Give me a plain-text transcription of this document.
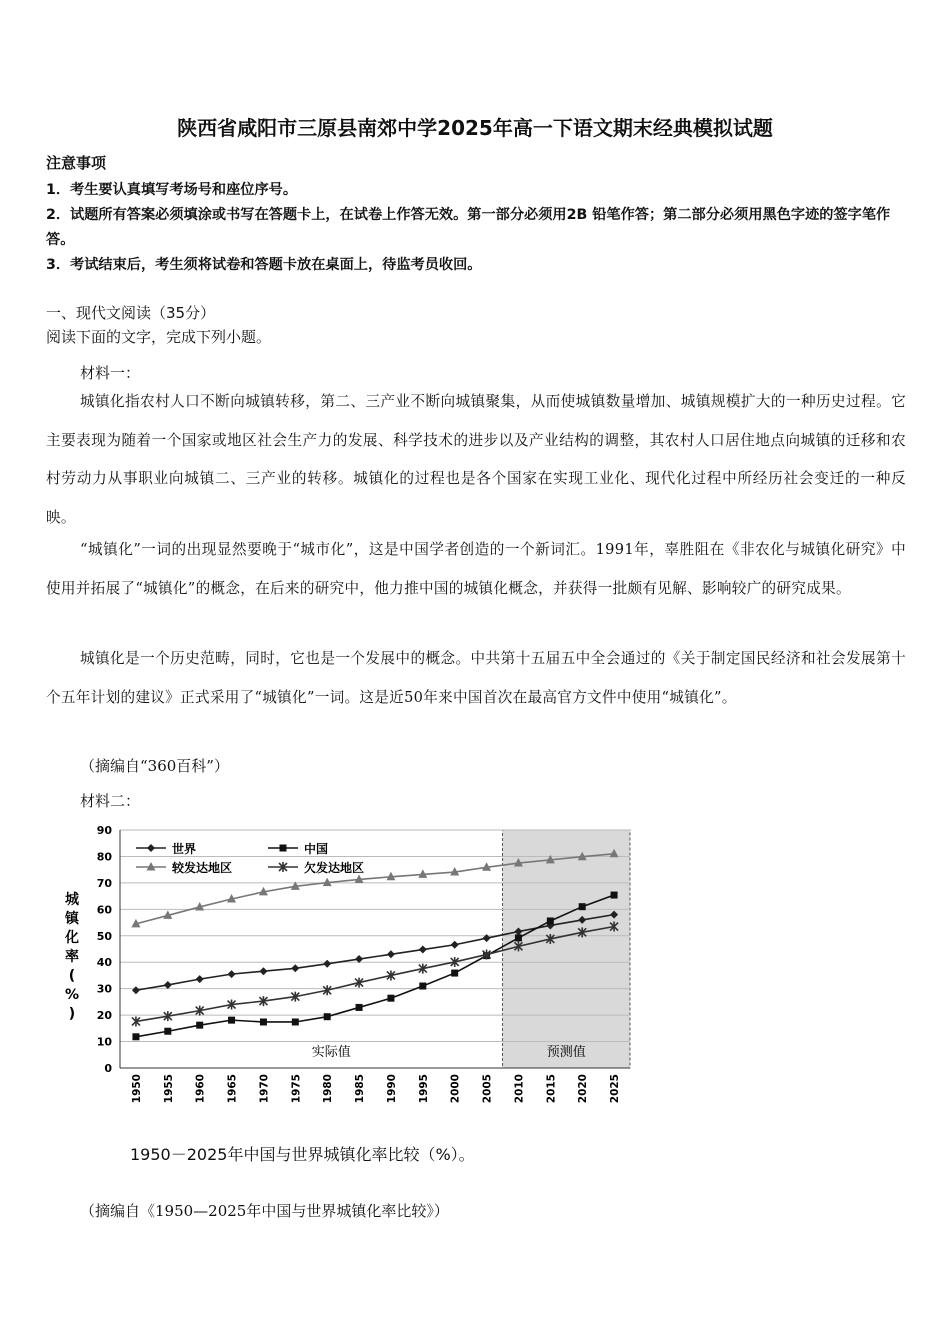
陕西省咸阳市三原县南郊中学2025年高一下语文期末经典模拟试题
注意事项
1．考生要认真填写考场号和座位序号。
2．试题所有答案必须填涂或书写在答题卡上，在试卷上作答无效。第一部分必须用2B 铅笔作答；第二部分必须用黑色字迹的签字笔作答。
3．考试结束后，考生须将试卷和答题卡放在桌面上，待监考员收回。
一、现代文阅读（35分）
阅读下面的文字，完成下列小题。
材料一：
城镇化指农村人口不断向城镇转移，第二、三产业不断向城镇聚集，从而使城镇数量增加、城镇规模扩大的一种历史过程。它主要表现为随着一个国家或地区社会生产力的发展、科学技术的进步以及产业结构的调整，其农村人口居住地点向城镇的迁移和农村劳动力从事职业向城镇二、三产业的转移。城镇化的过程也是各个国家在实现工业化、现代化过程中所经历社会变迁的一种反映。
“城镇化”一词的出现显然要晚于“城市化”，这是中国学者创造的一个新词汇。1991年，辜胜阻在《非农化与城镇化研究》中使用并拓展了“城镇化”的概念，在后来的研究中，他力推中国的城镇化概念，并获得一批颇有见解、影响较广的研究成果。
城镇化是一个历史范畴，同时，它也是一个发展中的概念。中共第十五届五中全会通过的《关于制定国民经济和社会发展第十个五年计划的建议》正式采用了“城镇化”一词。这是近50年来中国首次在最高官方文件中使用“城镇化”。
（摘编自“360百科”）
材料二：
0
10
20
30
40
50
60
70
80
90
1950 1955 1960 1965 1970 1975 1980 1985 1990 1995 2000 2005 2010 2015 2020 2025
城
镇
化
率
(
%
)
实际值	预测值
世界	中国
较发达地区	欠发达地区
1950－2025年中国与世界城镇化率比较（%）。
（摘编自《1950—2025年中国与世界城镇化率比较》）
